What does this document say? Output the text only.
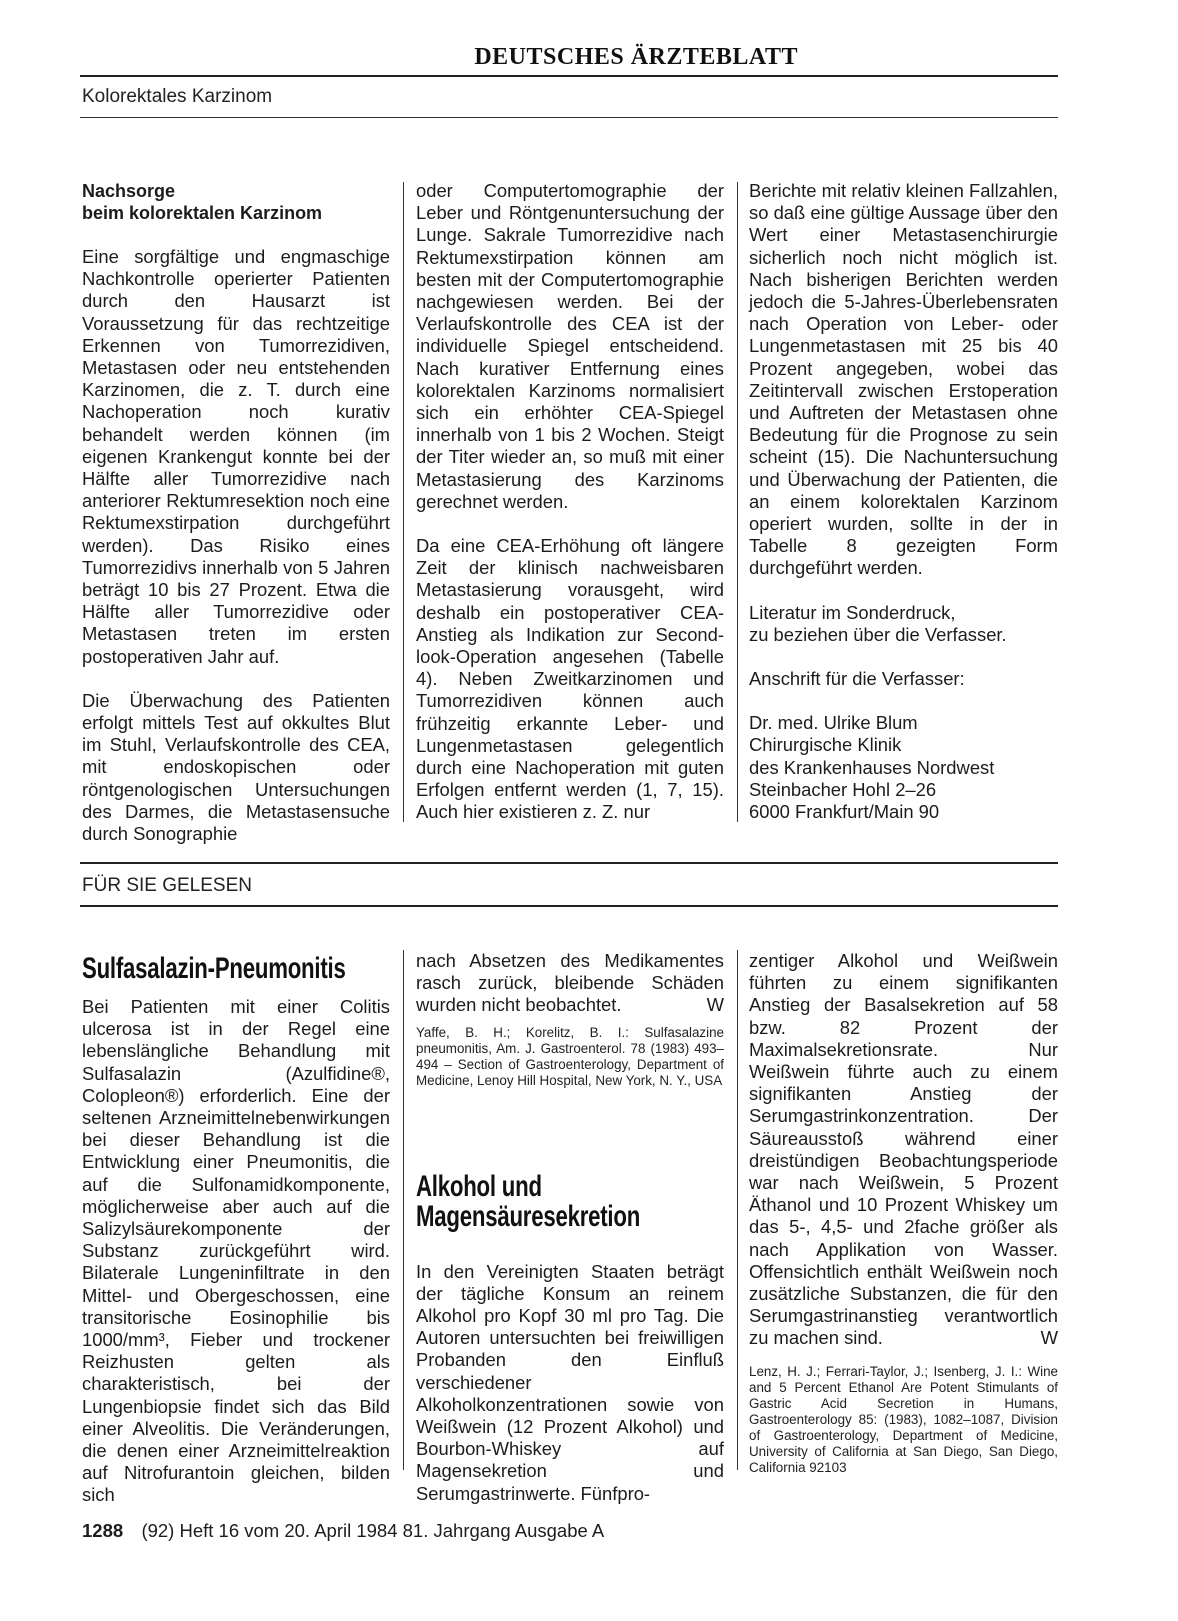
DEUTSCHES ÄRZTEBLATT
Kolorektales Karzinom
Nachsorge
beim kolorektalen Karzinom

Eine sorgfältige und engmaschige Nachkontrolle operierter Patienten durch den Hausarzt ist Voraussetzung für das rechtzeitige Erkennen von Tumorrezidiven, Metastasen oder neu entstehenden Karzinomen, die z. T. durch eine Nachoperation noch kurativ behandelt werden können (im eigenen Krankengut konnte bei der Hälfte aller Tumorrezidive nach anteriorer Rektumresektion noch eine Rektumexstirpation durchgeführt werden). Das Risiko eines Tumorrezidivs innerhalb von 5 Jahren beträgt 10 bis 27 Prozent. Etwa die Hälfte aller Tumorrezidive oder Metastasen treten im ersten postoperativen Jahr auf.

Die Überwachung des Patienten erfolgt mittels Test auf okkultes Blut im Stuhl, Verlaufskontrolle des CEA, mit endoskopischen oder röntgenologischen Untersuchungen des Darmes, die Metastasensuche durch Sonographie

oder Computertomographie der Leber und Röntgenuntersuchung der Lunge. Sakrale Tumorrezidive nach Rektumexstirpation können am besten mit der Computertomographie nachgewiesen werden. Bei der Verlaufskontrolle des CEA ist der individuelle Spiegel entscheidend. Nach kurativer Entfernung eines kolorektalen Karzinoms normalisiert sich ein erhöhter CEA-Spiegel innerhalb von 1 bis 2 Wochen. Steigt der Titer wieder an, so muß mit einer Metastasierung des Karzinoms gerechnet werden.

Da eine CEA-Erhöhung oft längere Zeit der klinisch nachweisbaren Metastasierung vorausgeht, wird deshalb ein postoperativer CEA-Anstieg als Indikation zur Second-look-Operation angesehen (Tabelle 4). Neben Zweitkarzinomen und Tumorrezidiven können auch frühzeitig erkannte Leber- und Lungenmetastasen gelegentlich durch eine Nachoperation mit guten Erfolgen entfernt werden (1, 7, 15). Auch hier existieren z. Z. nur

Berichte mit relativ kleinen Fallzahlen, so daß eine gültige Aussage über den Wert einer Metastasenchirurgie sicherlich noch nicht möglich ist. Nach bisherigen Berichten werden jedoch die 5-Jahres-Überlebensraten nach Operation von Leber- oder Lungenmetastasen mit 25 bis 40 Prozent angegeben, wobei das Zeitintervall zwischen Erstoperation und Auftreten der Metastasen ohne Bedeutung für die Prognose zu sein scheint (15). Die Nachuntersuchung und Überwachung der Patienten, die an einem kolorektalen Karzinom operiert wurden, sollte in der in Tabelle 8 gezeigten Form durchgeführt werden.

Literatur im Sonderdruck,
zu beziehen über die Verfasser.

Anschrift für die Verfasser:

Dr. med. Ulrike Blum
Chirurgische Klinik
des Krankenhauses Nordwest
Steinbacher Hohl 2–26
6000 Frankfurt/Main 90

FÜR SIE GELESEN
Sulfasalazin-Pneumonitis

Bei Patienten mit einer Colitis ulcerosa ist in der Regel eine lebenslängliche Behandlung mit Sulfasalazin (Azulfidine®, Colopleon®) erforderlich. Eine der seltenen Arzneimittelnebenwirkungen bei dieser Behandlung ist die Entwicklung einer Pneumonitis, die auf die Sulfonamidkomponente, möglicherweise aber auch auf die Salizylsäurekomponente der Substanz zurückgeführt wird. Bilaterale Lungeninfiltrate in den Mittel- und Obergeschossen, eine transitorische Eosinophilie bis 1000/mm³, Fieber und trockener Reizhusten gelten als charakteristisch, bei der Lungenbiopsie findet sich das Bild einer Alveolitis. Die Veränderungen, die denen einer Arzneimittelreaktion auf Nitrofurantoin gleichen, bilden sich

nach Absetzen des Medikamentes rasch zurück, bleibende Schäden wurden nicht beobachtet.	W

Yaffe, B. H.; Korelitz, B. I.: Sulfasalazine pneumonitis, Am. J. Gastroenterol. 78 (1983) 493–494 – Section of Gastroenterology, Department of Medicine, Lenoy Hill Hospital, New York, N. Y., USA

Alkohol und
Magensäuresekretion

In den Vereinigten Staaten beträgt der tägliche Konsum an reinem Alkohol pro Kopf 30 ml pro Tag. Die Autoren untersuchten bei freiwilligen Probanden den Einfluß verschiedener Alkoholkonzentrationen sowie von Weißwein (12 Prozent Alkohol) und Bourbon-Whiskey auf Magensekretion und Serumgastrinwerte. Fünfpro-

zentiger Alkohol und Weißwein führten zu einem signifikanten Anstieg der Basalsekretion auf 58 bzw. 82 Prozent der Maximalsekretionsrate. Nur Weißwein führte auch zu einem signifikanten Anstieg der Serumgastrinkonzentration. Der Säureausstoß während einer dreistündigen Beobachtungsperiode war nach Weißwein, 5 Prozent Äthanol und 10 Prozent Whiskey um das 5-, 4,5- und 2fache größer als nach Applikation von Wasser. Offensichtlich enthält Weißwein noch zusätzliche Substanzen, die für den Serumgastrinanstieg verantwortlich zu machen sind.	W

Lenz, H. J.; Ferrari-Taylor, J.; Isenberg, J. I.: Wine and 5 Percent Ethanol Are Potent Stimulants of Gastric Acid Secretion in Humans, Gastroenterology 85: (1983), 1082–1087, Division of Gastroenterology, Department of Medicine, University of California at San Diego, San Diego, California 92103

1288 (92) Heft 16 vom 20. April 1984 81. Jahrgang Ausgabe A
